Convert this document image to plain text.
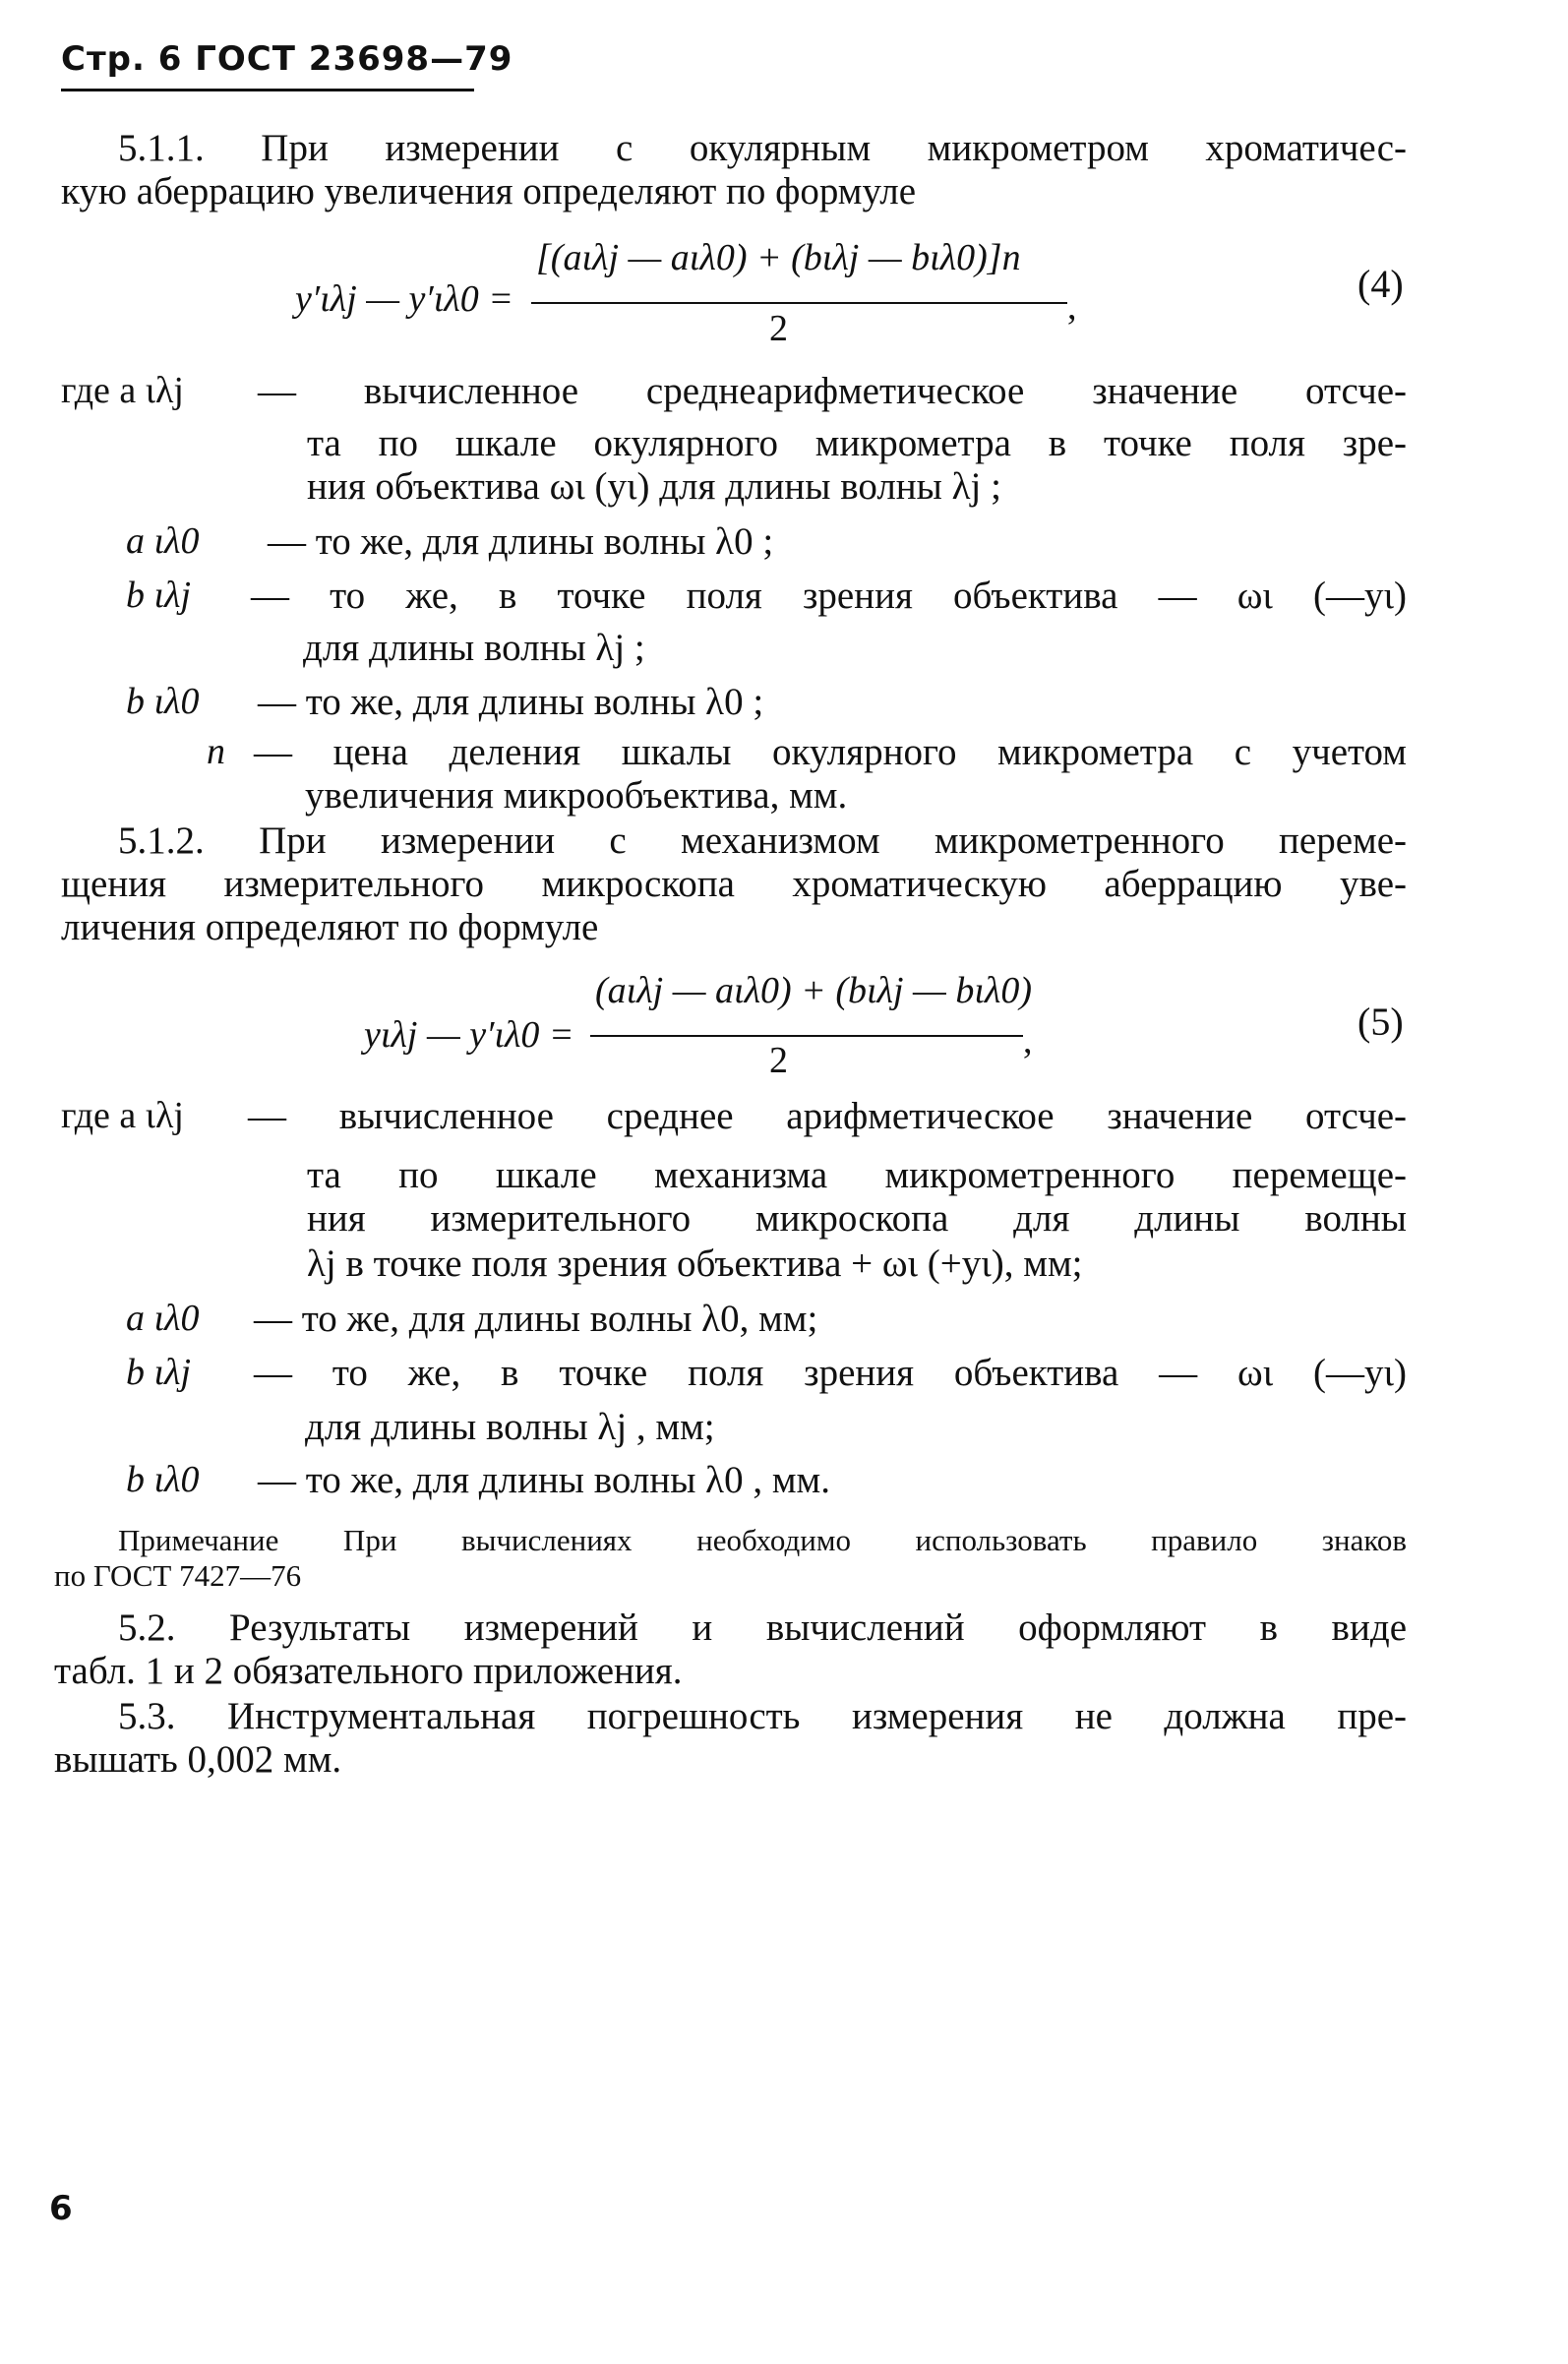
Стр. 6 ГОСТ 23698—79
5.1.1. При измерении с окулярным микрометром хроматичес-
кую аберрацию увеличения определяют по формуле
y′ιλj — y′ιλ0 =
[(aιλj — aιλ0) + (bιλj — bιλ0)]n
2
,
(4)
где a ιλj — вычисленное среднеарифметическое значение отсче-
та по шкале окулярного микрометра в точке поля зре-
ния объектива ωι (yι) для длины волны λj ;
a ιλ0 — то же, для длины волны λ0 ;
b ιλj — то же, в точке поля зрения объектива — ωι (—yι)
для длины волны λj ;
b ιλ0 — то же, для длины волны λ0 ;
n — цена деления шкалы окулярного микрометра с учетом
увеличения микрообъектива, мм.
5.1.2. При измерении с механизмом микрометренного переме-
щения измерительного микроскопа хроматическую аберрацию уве-
личения определяют по формуле
yιλj — y′ιλ0 =
(aιλj — aιλ0) + (bιλj — bιλ0)
2	,	(5)
где a ιλj — вычисленное среднее арифметическое значение отсче-
та по шкале механизма микрометренного перемеще-
ния измерительного микроскопа для длины волны
λj в точке поля зрения объектива + ωι (+yι), мм;
a ιλ0 — то же, для длины волны λ0, мм;
b ιλj — то же, в точке поля зрения объектива — ωι (—yι)
для длины волны λj , мм;
b ιλ0 — то же, для длины волны λ0 , мм.
Примечание При вычислениях необходимо использовать правило знаков
по ГОСТ 7427—76
5.2. Результаты измерений и вычислений оформляют в виде
табл. 1 и 2 обязательного приложения.
5.3. Инструментальная погрешность измерения не должна пре-
вышать 0,002 мм.
6
